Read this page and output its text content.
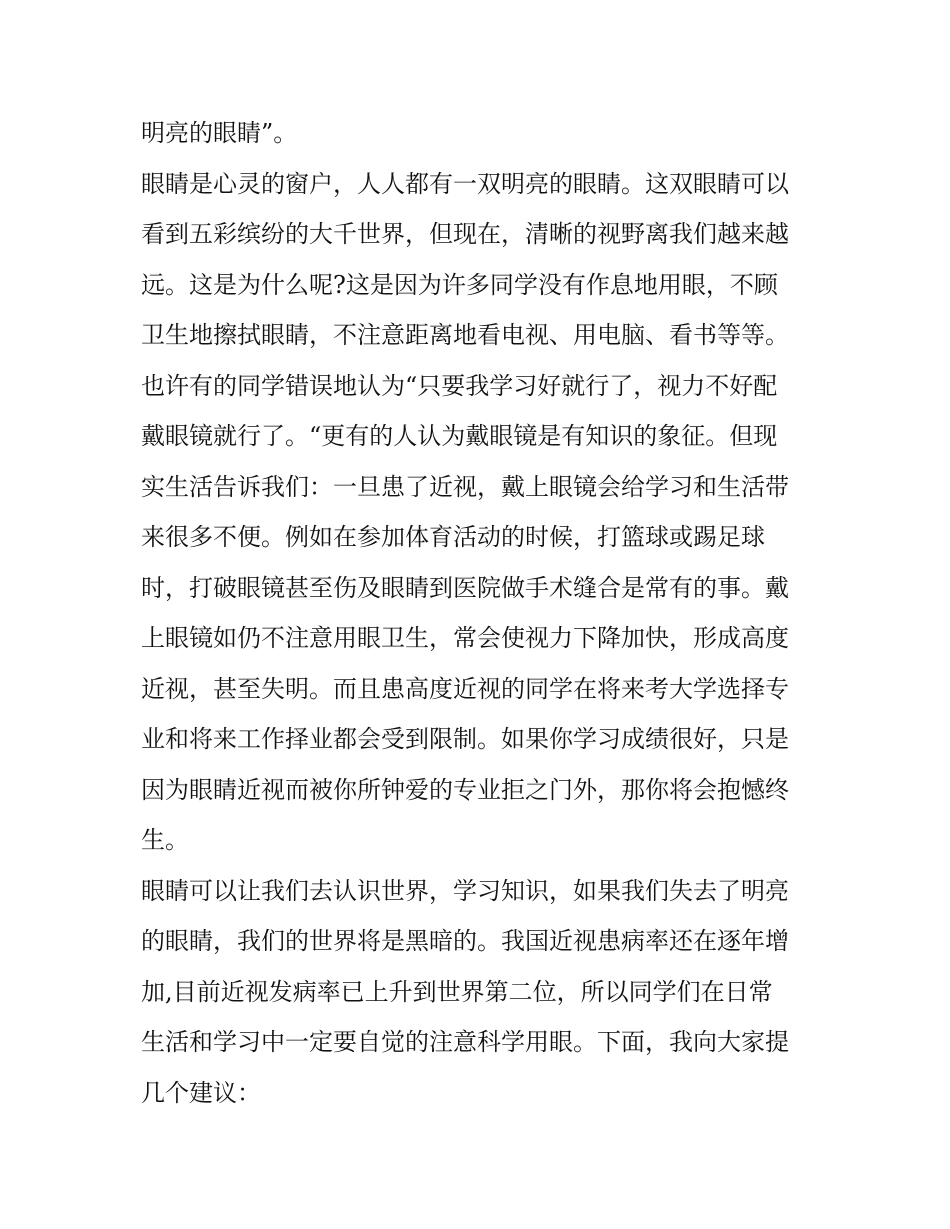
明亮的眼睛”。
眼睛是心灵的窗户，人人都有一双明亮的眼睛。这双眼睛可以
看到五彩缤纷的大千世界，但现在，清晰的视野离我们越来越
远。这是为什么呢?这是因为许多同学没有作息地用眼，不顾
卫生地擦拭眼睛，不注意距离地看电视、用电脑、看书等等。
也许有的同学错误地认为“只要我学习好就行了，视力不好配
戴眼镜就行了。“更有的人认为戴眼镜是有知识的象征。但现
实生活告诉我们：一旦患了近视，戴上眼镜会给学习和生活带
来很多不便。例如在参加体育活动的时候，打篮球或踢足球
时，打破眼镜甚至伤及眼睛到医院做手术缝合是常有的事。戴
上眼镜如仍不注意用眼卫生，常会使视力下降加快，形成高度
近视，甚至失明。而且患高度近视的同学在将来考大学选择专
业和将来工作择业都会受到限制。如果你学习成绩很好，只是
因为眼睛近视而被你所钟爱的专业拒之门外，那你将会抱憾终
生。
眼睛可以让我们去认识世界，学习知识，如果我们失去了明亮
的眼睛，我们的世界将是黑暗的。我国近视患病率还在逐年增
加,目前近视发病率已上升到世界第二位，所以同学们在日常
生活和学习中一定要自觉的注意科学用眼。下面，我向大家提
几个建议：
